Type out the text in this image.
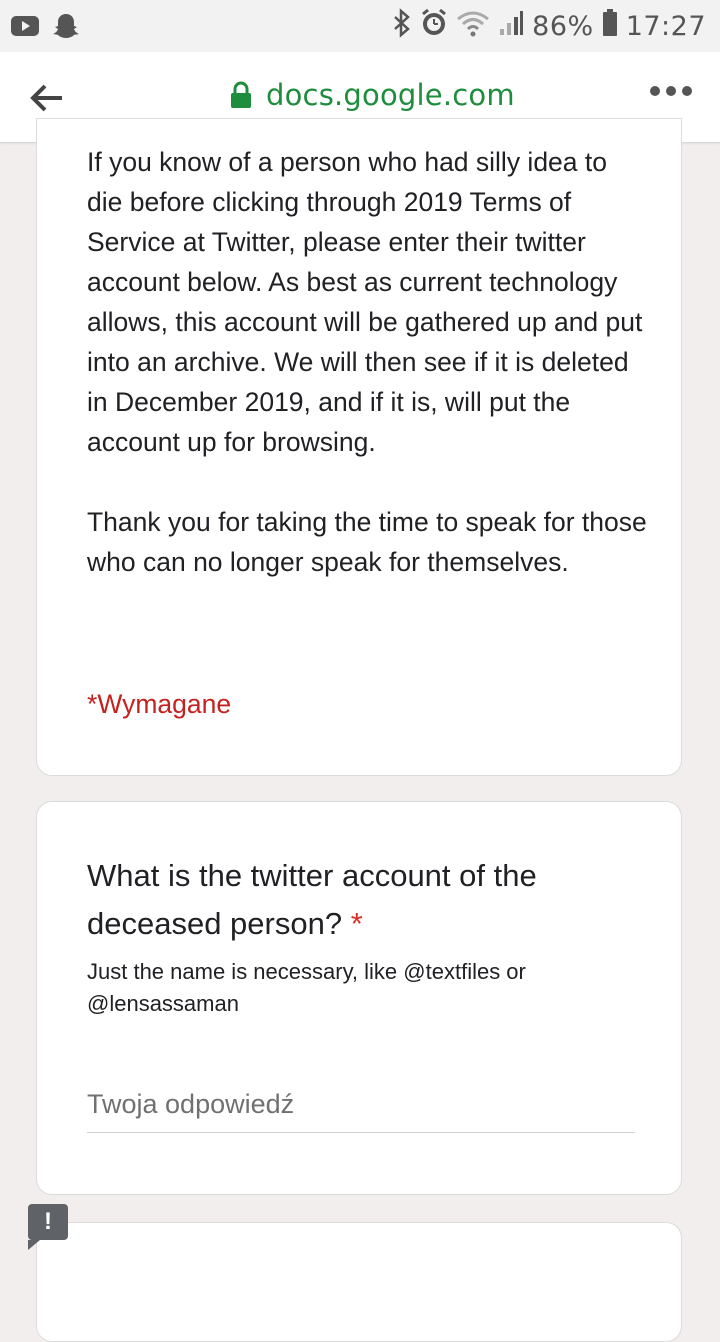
86% 17:27
docs.google.com

If you know of a person who had silly idea to die before clicking through 2019 Terms of Service at Twitter, please enter their twitter account below. As best as current technology allows, this account will be gathered up and put into an archive. We will then see if it is deleted in December 2019, and if it is, will put the account up for browsing.

Thank you for taking the time to speak for those who can no longer speak for themselves.

*Wymagane
What is the twitter account of the deceased person? *
Just the name is necessary, like @textfiles or @lensassaman
Twoja odpowiedź
!
